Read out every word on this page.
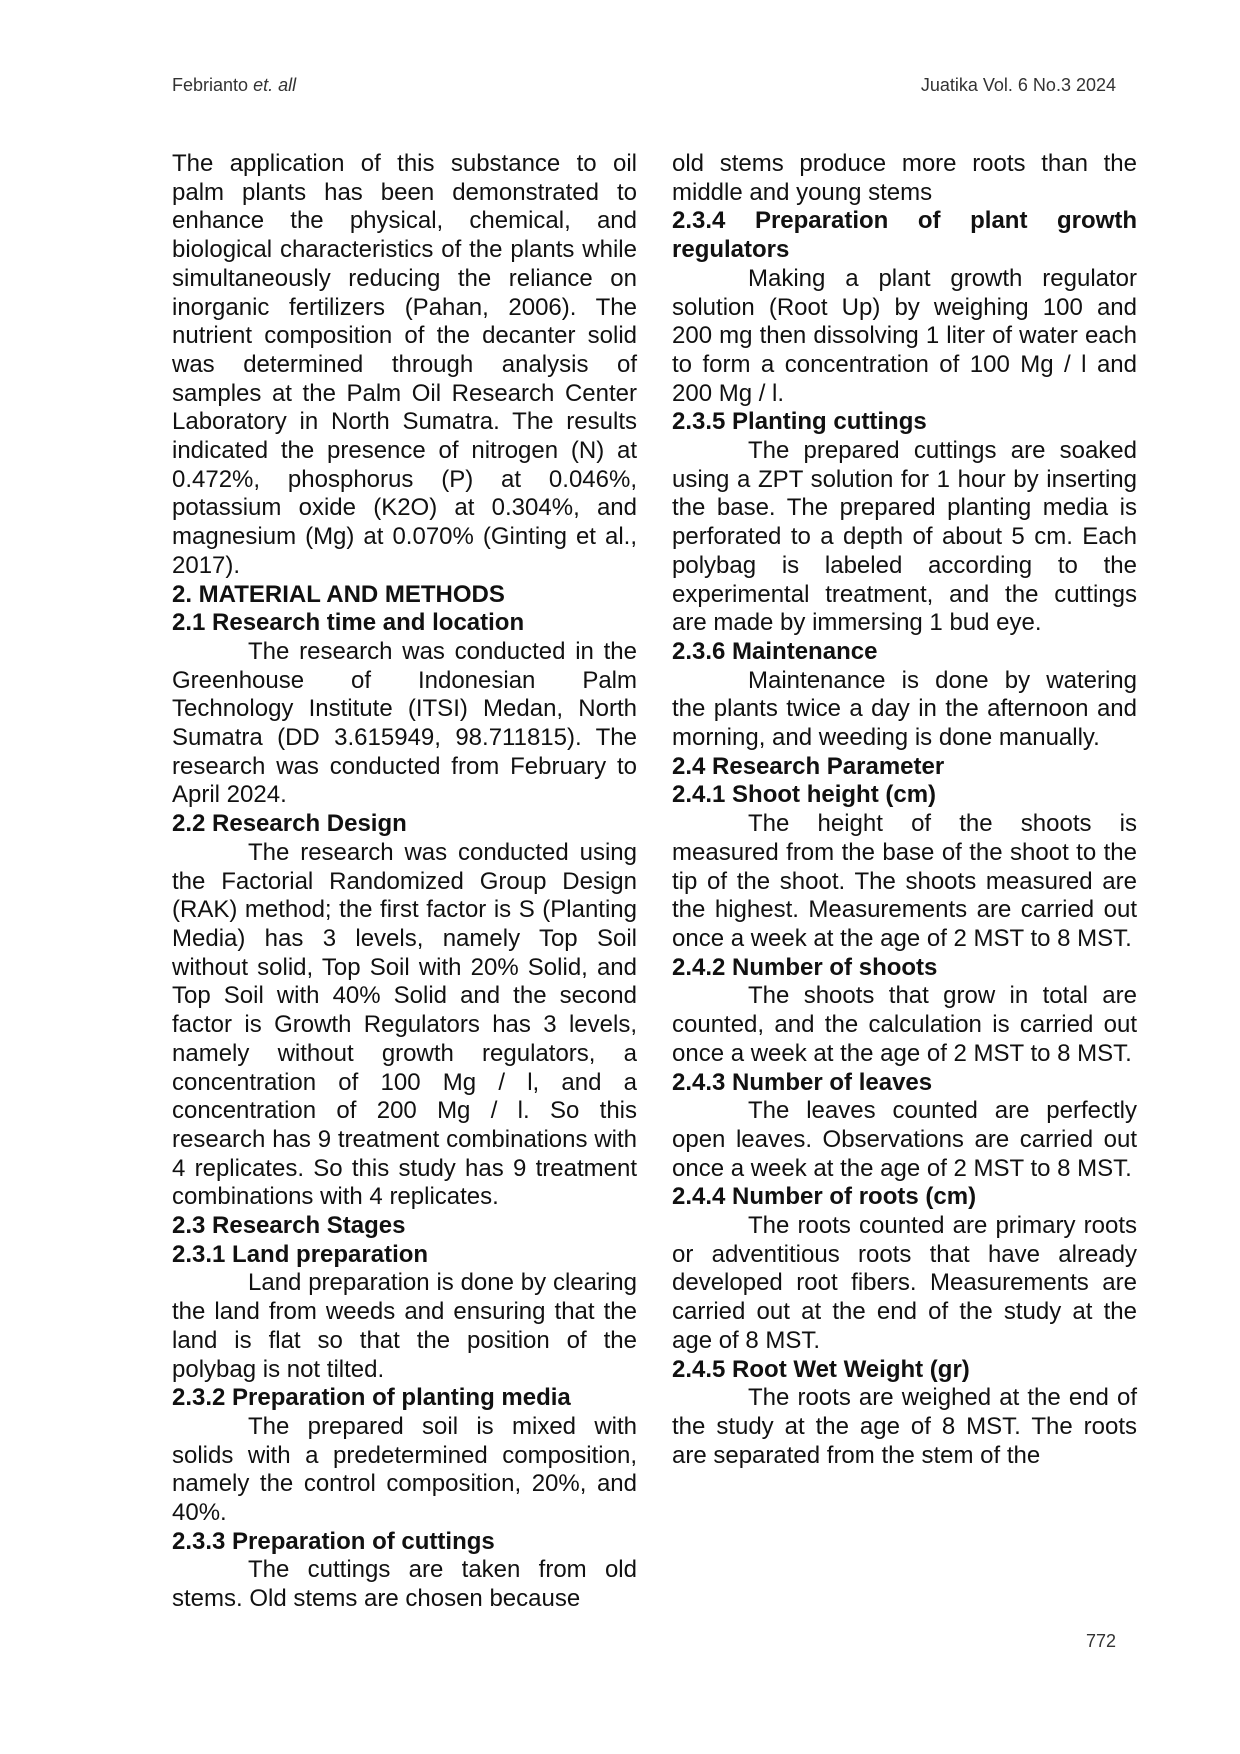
Febrianto et. all	Juatika Vol. 6 No.3 2024

The application of this substance to oil palm plants has been demonstrated to enhance the physical, chemical, and biological characteristics of the plants while simultaneously reducing the reliance on inorganic fertilizers (Pahan, 2006). The nutrient composition of the decanter solid was determined through analysis of samples at the Palm Oil Research Center Laboratory in North Sumatra. The results indicated the presence of nitrogen (N) at 0.472%, phosphorus (P) at 0.046%, potassium oxide (K2O) at 0.304%, and magnesium (Mg) at 0.070% (Ginting et al., 2017).

2. MATERIAL AND METHODS
2.1 Research time and location

The research was conducted in the Greenhouse of Indonesian Palm Technology Institute (ITSI) Medan, North Sumatra (DD 3.615949, 98.711815). The research was conducted from February to April 2024.

2.2 Research Design

The research was conducted using the Factorial Randomized Group Design (RAK) method; the first factor is S (Planting Media) has 3 levels, namely Top Soil without solid, Top Soil with 20% Solid, and Top Soil with 40% Solid and the second factor is Growth Regulators has 3 levels, namely without growth regulators, a concentration of 100 Mg / l, and a concentration of 200 Mg / l. So this research has 9 treatment combinations with 4 replicates. So this study has 9 treatment combinations with 4 replicates.

2.3 Research Stages
2.3.1 Land preparation

Land preparation is done by clearing the land from weeds and ensuring that the land is flat so that the position of the polybag is not tilted.

2.3.2 Preparation of planting media

The prepared soil is mixed with solids with a predetermined composition, namely the control composition, 20%, and 40%.

2.3.3 Preparation of cuttings

The cuttings are taken from old stems. Old stems are chosen because

old stems produce more roots than the middle and young stems

2.3.4 Preparation of plant growth regulators

Making a plant growth regulator solution (Root Up) by weighing 100 and 200 mg then dissolving 1 liter of water each to form a concentration of 100 Mg / l and 200 Mg / l.

2.3.5 Planting cuttings

The prepared cuttings are soaked using a ZPT solution for 1 hour by inserting the base. The prepared planting media is perforated to a depth of about 5 cm. Each polybag is labeled according to the experimental treatment, and the cuttings are made by immersing 1 bud eye.

2.3.6 Maintenance

Maintenance is done by watering the plants twice a day in the afternoon and morning, and weeding is done manually.

2.4 Research Parameter
2.4.1 Shoot height (cm)

The height of the shoots is measured from the base of the shoot to the tip of the shoot. The shoots measured are the highest. Measurements are carried out once a week at the age of 2 MST to 8 MST.

2.4.2 Number of shoots

The shoots that grow in total are counted, and the calculation is carried out once a week at the age of 2 MST to 8 MST.

2.4.3 Number of leaves

The leaves counted are perfectly open leaves. Observations are carried out once a week at the age of 2 MST to 8 MST.

2.4.4 Number of roots (cm)

The roots counted are primary roots or adventitious roots that have already developed root fibers. Measurements are carried out at the end of the study at the age of 8 MST.

2.4.5 Root Wet Weight (gr)

The roots are weighed at the end of the study at the age of 8 MST. The roots are separated from the stem of the

772
